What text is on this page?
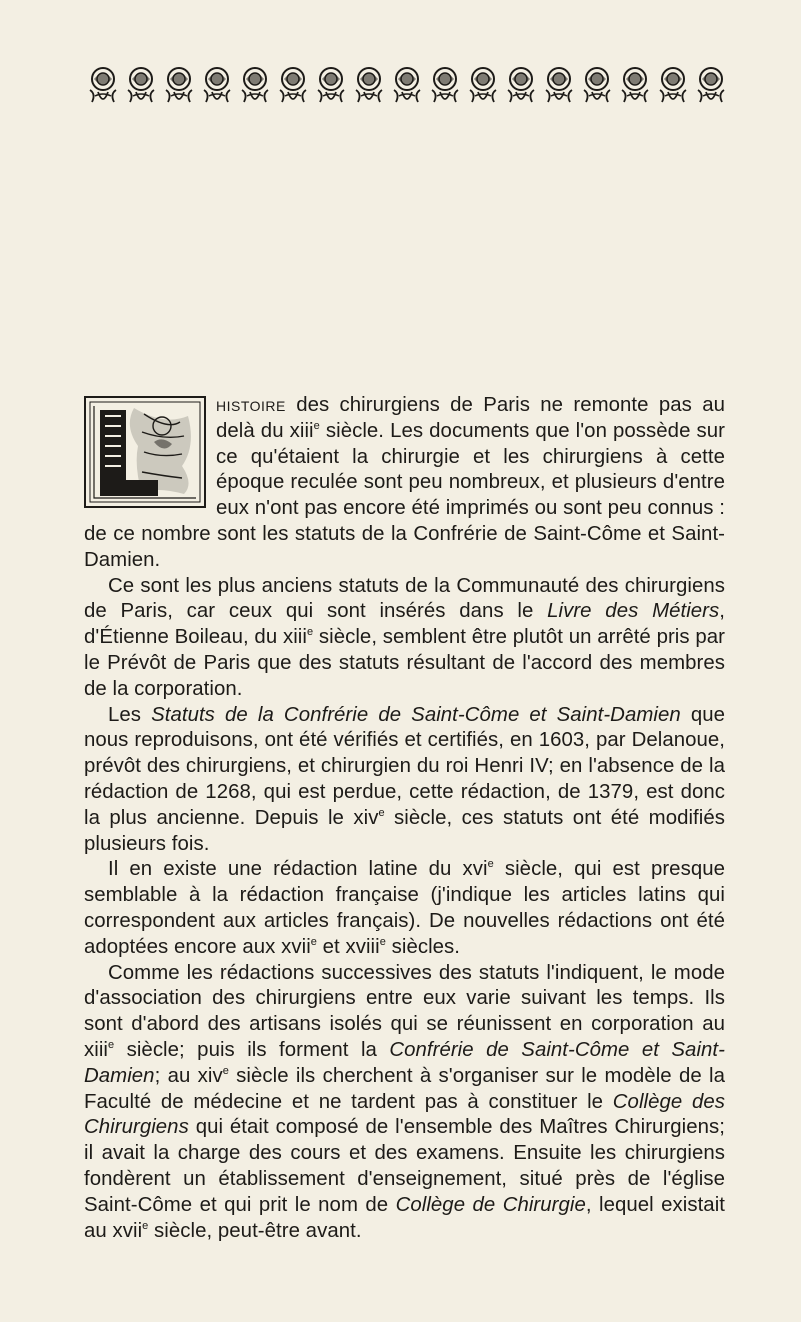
histoire des chirurgiens de Paris ne remonte pas au delà du xiii$^e$ siècle. Les documents que l'on possède sur ce qu'étaient la chirurgie et les chirurgiens à cette époque reculée sont peu nombreux, et plusieurs d'entre eux n'ont pas encore été imprimés ou sont peu connus : de ce nombre sont les statuts de la Confrérie de Saint-Côme et Saint-Damien.

Ce sont les plus anciens statuts de la Communauté des chirurgiens de Paris, car ceux qui sont insérés dans le Livre des Métiers, d'Étienne Boileau, du xiii$^e$ siècle, semblent être plutôt un arrêté pris par le Prévôt de Paris que des statuts résultant de l'accord des membres de la corporation.

Les Statuts de la Confrérie de Saint-Côme et Saint-Damien que nous reproduisons, ont été vérifiés et certifiés, en 1603, par Delanoue, prévôt des chirurgiens, et chirurgien du roi Henri IV; en l'absence de la rédaction de 1268, qui est perdue, cette rédaction, de 1379, est donc la plus ancienne. Depuis le xiv$^e$ siècle, ces statuts ont été modifiés plusieurs fois.

Il en existe une rédaction latine du xvi$^e$ siècle, qui est presque semblable à la rédaction française (j'indique les articles latins qui correspondent aux articles français). De nouvelles rédactions ont été adoptées encore aux xvii$^e$ et xviii$^e$ siècles.

Comme les rédactions successives des statuts l'indiquent, le mode d'association des chirurgiens entre eux varie suivant les temps. Ils sont d'abord des artisans isolés qui se réunissent en corporation au xiii$^e$ siècle; puis ils forment la Confrérie de Saint-Côme et Saint-Damien; au xiv$^e$ siècle ils cherchent à s'organiser sur le modèle de la Faculté de médecine et ne tardent pas à constituer le Collège des Chirurgiens qui était composé de l'ensemble des Maîtres Chirurgiens; il avait la charge des cours et des examens. Ensuite les chirurgiens fondèrent un établissement d'enseignement, situé près de l'église Saint-Côme et qui prit le nom de Collège de Chirurgie, lequel existait au xvii$^e$ siècle, peut-être avant.
